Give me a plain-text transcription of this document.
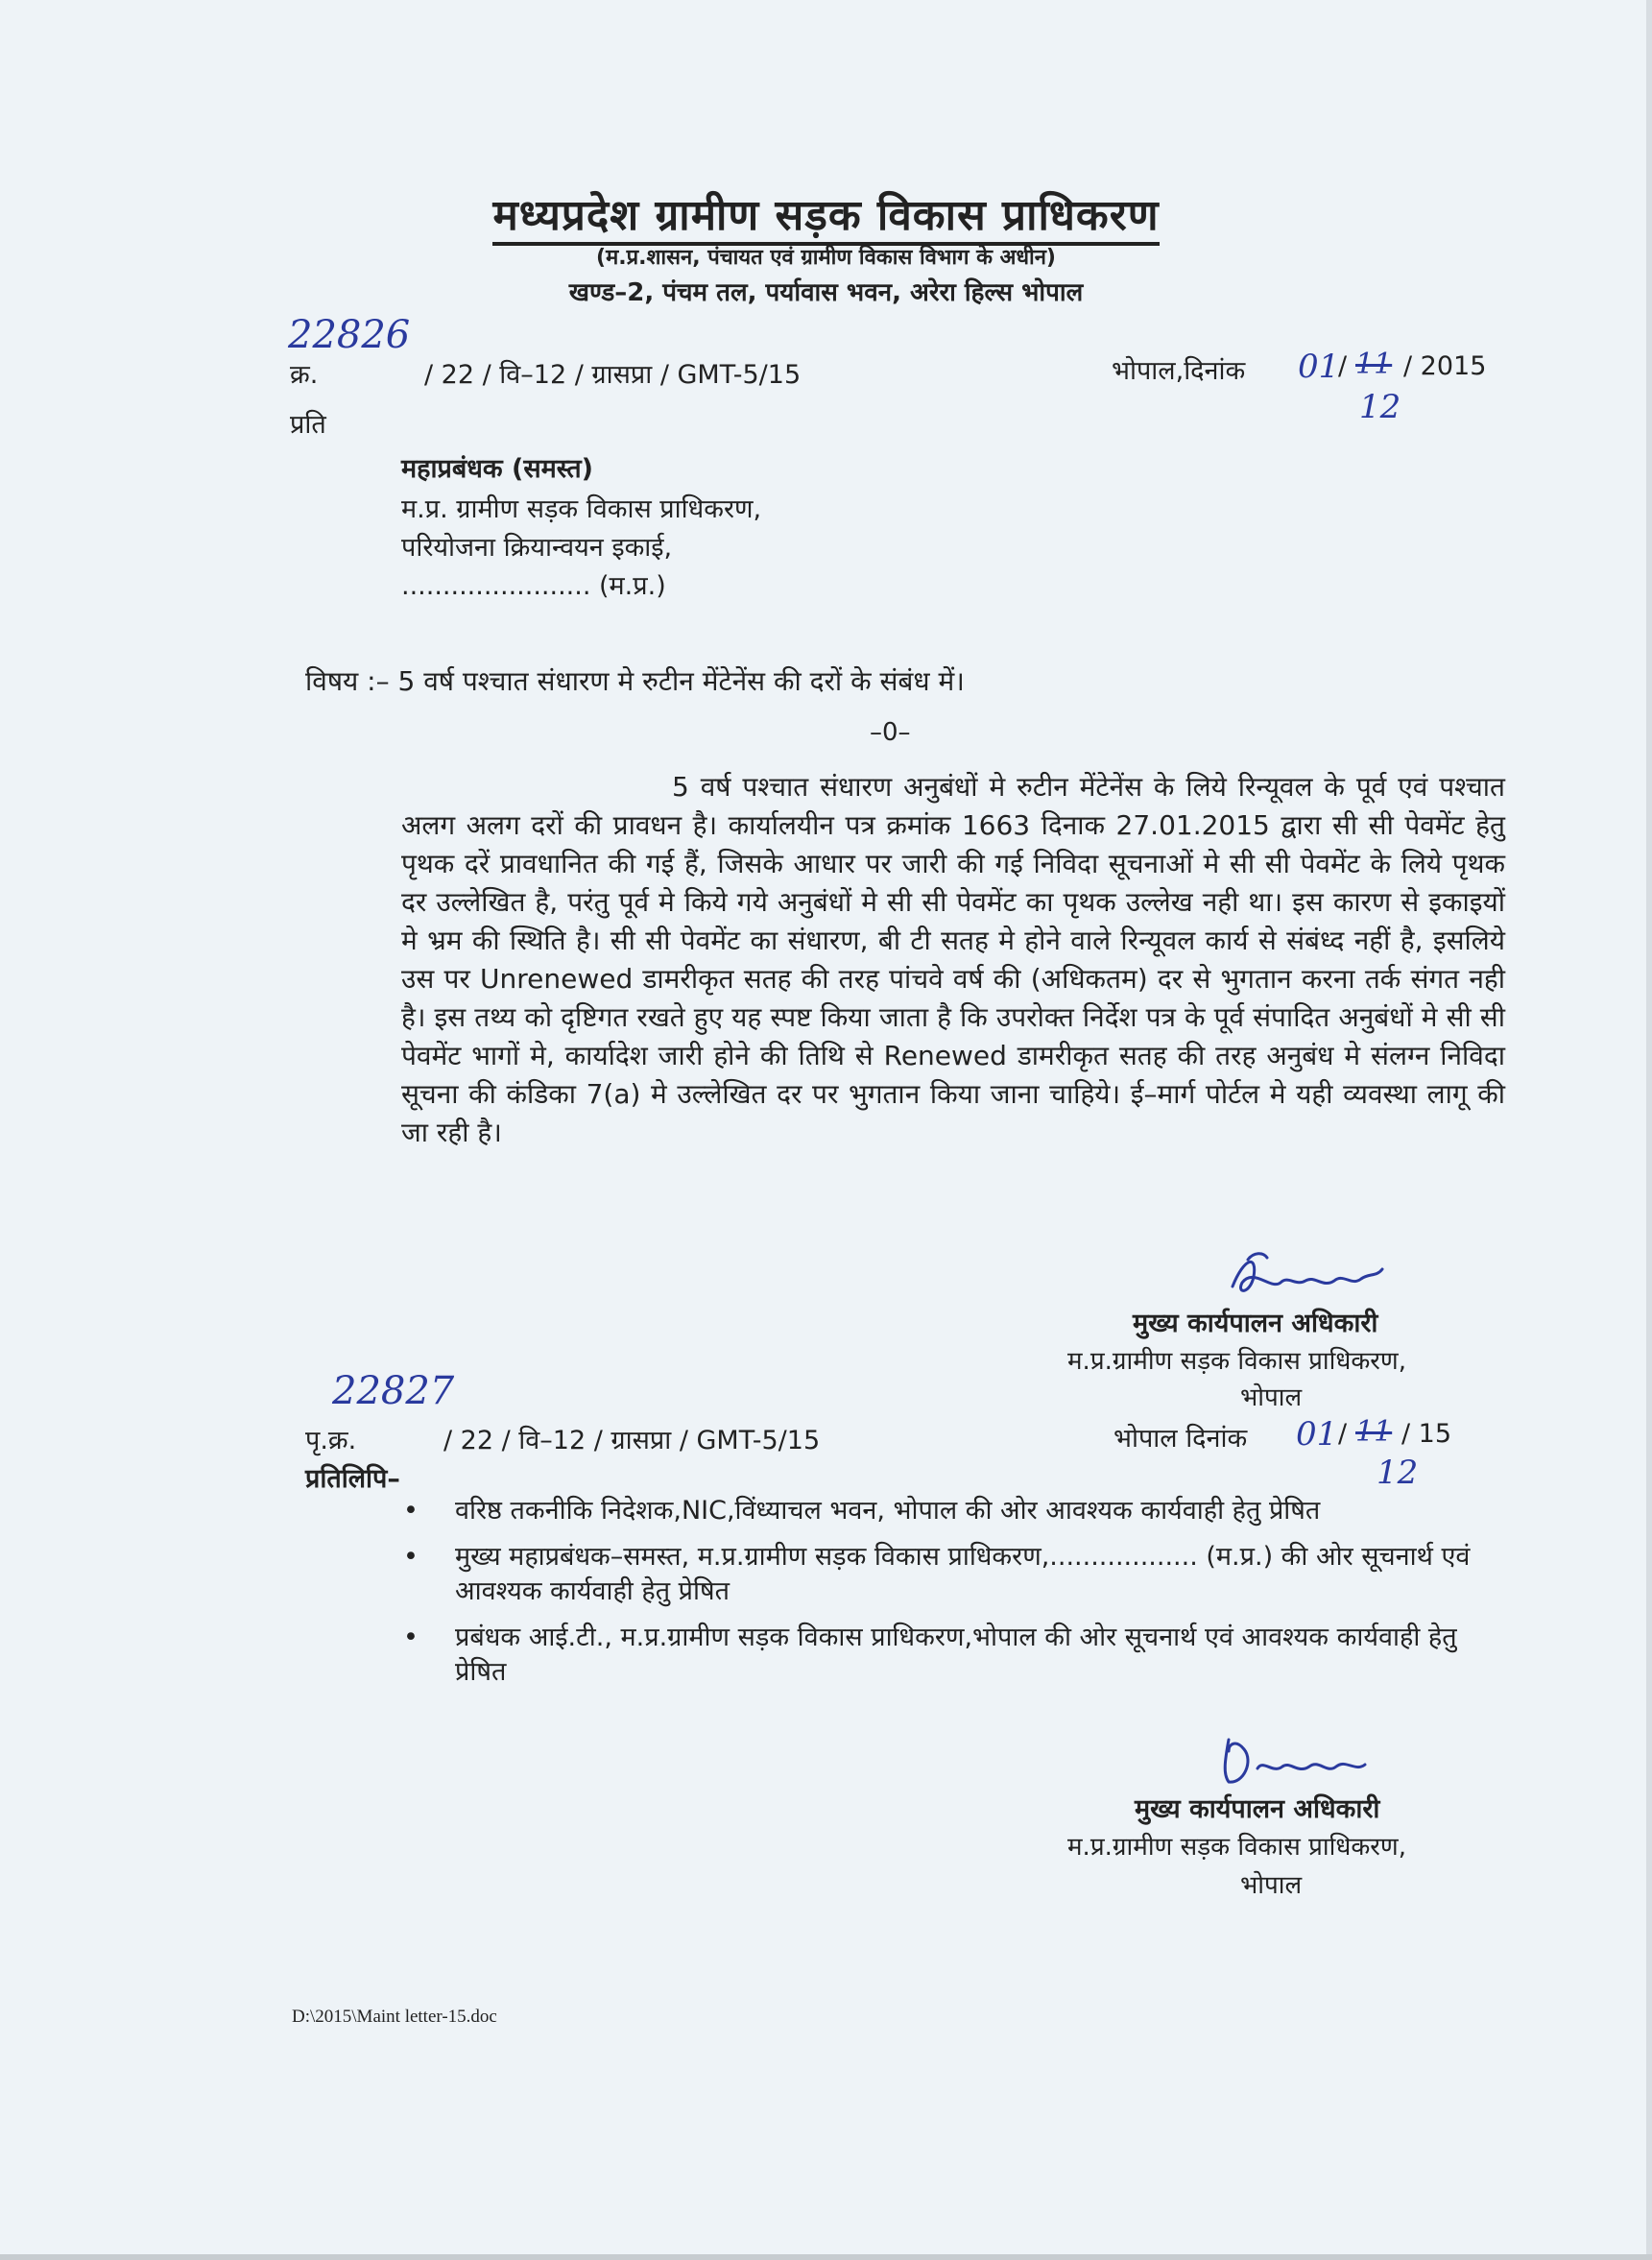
मध्यप्रदेश ग्रामीण सड़क विकास प्राधिकरण
(म.प्र.शासन, पंचायत एवं ग्रामीण विकास विभाग के अधीन)
खण्ड–2, पंचम तल, पर्यावास भवन, अरेरा हिल्स भोपाल
22826
क्र.	/ 22 / वि–12 / ग्रासप्रा / GMT-5/15	भोपाल,दिनांक 01
/ 11 / 2015
12
प्रति
महाप्रबंधक (समस्त)
म.प्र. ग्रामीण सड़क विकास प्राधिकरण,
परियोजना क्रियान्वयन इकाई,
....................... (म.प्र.)
विषय :– 5 वर्ष पश्चात संधारण मे रुटीन मेंटेनेंस की दरों के संबंध में।
–0–
5 वर्ष पश्चात संधारण अनुबंधों मे रुटीन मेंटेनेंस के लिये रिन्यूवल के पूर्व एवं पश्चात अलग अलग दरों की प्रावधन है। कार्यालयीन पत्र क्रमांक 1663 दिनाक 27.01.2015 द्वारा सी सी पेवमेंट हेतु पृथक दरें प्रावधानित की गई हैं, जिसके आधार पर जारी की गई निविदा सूचनाओं मे सी सी पेवमेंट के लिये पृथक दर उल्लेखित है, परंतु पूर्व मे किये गये अनुबंधों मे सी सी पेवमेंट का पृथक उल्लेख नही था। इस कारण से इकाइयों मे भ्रम की स्थिति है। सी सी पेवमेंट का संधारण, बी टी सतह मे होने वाले रिन्यूवल कार्य से संबंध्द नहीं है, इसलिये उस पर Unrenewed डामरीकृत सतह की तरह पांचवे वर्ष की (अधिकतम) दर से भुगतान करना तर्क संगत नही है। इस तथ्य को दृष्टिगत रखते हुए यह स्पष्ट किया जाता है कि उपरोक्त निर्देश पत्र के पूर्व संपादित अनुबंधों मे सी सी पेवमेंट भागों मे, कार्यादेश जारी होने की तिथि से Renewed डामरीकृत सतह की तरह अनुबंध मे संलग्न निविदा सूचना की कंडिका 7(a) मे उल्लेखित दर पर भुगतान किया जाना चाहिये। ई–मार्ग पोर्टल मे यही व्यवस्था लागू की जा रही है।
मुख्य कार्यपालन अधिकारी
म.प्र.ग्रामीण सड़क विकास प्राधिकरण,
भोपाल
22827
पृ.क्र.	/ 22 / वि–12 / ग्रासप्रा / GMT-5/15	भोपाल दिनांक 01 / 11 / 15
12
प्रतिलिपि–
• वरिष्ठ तकनीकि निदेशक,NIC,विंध्याचल भवन, भोपाल की ओर आवश्यक कार्यवाही हेतु प्रेषित
• मुख्य महाप्रबंधक–समस्त, म.प्र.ग्रामीण सड़क विकास प्राधिकरण,.................. (म.प्र.) की ओर सूचनार्थ एवं आवश्यक कार्यवाही हेतु प्रेषित
• प्रबंधक आई.टी., म.प्र.ग्रामीण सड़क विकास प्राधिकरण,भोपाल की ओर सूचनार्थ एवं आवश्यक कार्यवाही हेतु प्रेषित
मुख्य कार्यपालन अधिकारी
म.प्र.ग्रामीण सड़क विकास प्राधिकरण,
भोपाल
D:\2015\Maint letter-15.doc
